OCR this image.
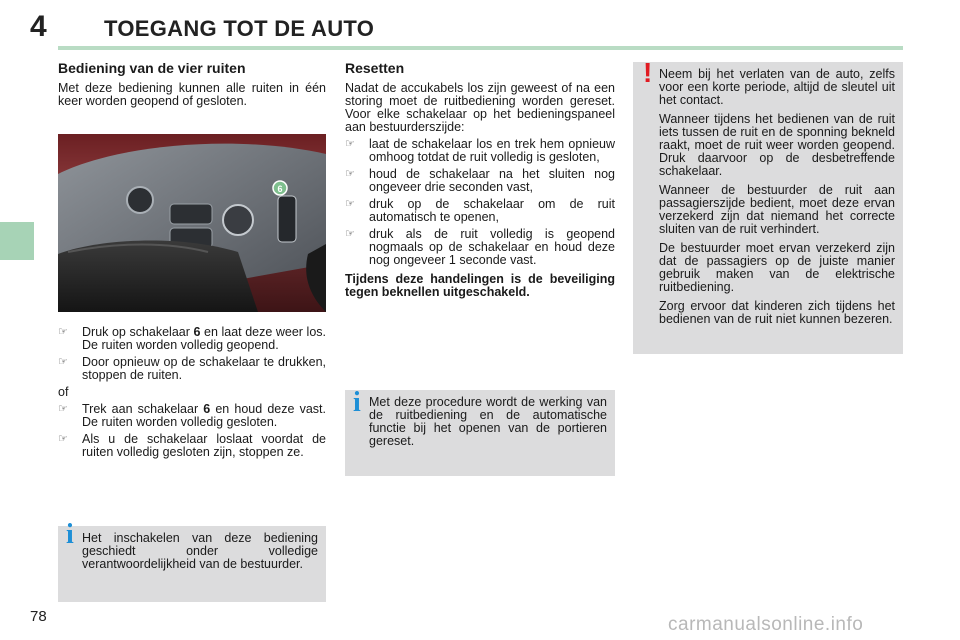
4	TOEGANG TOT DE AUTO
Bediening van de vier ruiten

Met deze bediening kunnen alle ruiten in één keer worden geopend of gesloten.

6
☞ Druk op schakelaar 6 en laat deze weer los. De ruiten worden volledig geopend.
☞ Door opnieuw op de schakelaar te drukken, stoppen de ruiten.

of

☞ Trek aan schakelaar 6 en houd deze vast. De ruiten worden volledig gesloten.
☞ Als u de schakelaar loslaat voordat de ruiten volledig gesloten zijn, stoppen ze.
i Het inschakelen van deze bediening geschiedt onder volledige verantwoordelijkheid van de bestuurder.

Resetten

Nadat de accukabels los zijn geweest of na een storing moet de ruitbediening worden gereset. Voor elke schakelaar op het bedieningspaneel aan bestuurderszijde:

☞ laat de schakelaar los en trek hem opnieuw omhoog totdat de ruit volledig is gesloten,
☞ houd de schakelaar na het sluiten nog ongeveer drie seconden vast,
☞ druk op de schakelaar om de ruit automatisch te openen,
☞ druk als de ruit volledig is geopend nogmaals op de schakelaar en houd deze nog ongeveer 1 seconde vast.

Tijdens deze handelingen is de beveiliging tegen beknellen uitgeschakeld.

i Met deze procedure wordt de werking van de ruitbediening en de automatische functie bij het openen van de portieren gereset.

! Neem bij het verlaten van de auto, zelfs voor een korte periode, altijd de sleutel uit het contact.

Wanneer tijdens het bedienen van de ruit iets tussen de ruit en de sponning bekneld raakt, moet de ruit weer worden geopend. Druk daarvoor op de desbetreffende schakelaar.

Wanneer de bestuurder de ruit aan passagierszijde bedient, moet deze ervan verzekerd zijn dat niemand het correcte sluiten van de ruit verhindert.

De bestuurder moet ervan verzekerd zijn dat de passagiers op de juiste manier gebruik maken van de elektrische ruitbediening.

Zorg ervoor dat kinderen zich tijdens het bedienen van de ruit niet kunnen bezeren.

78	carmanualsonline.info
